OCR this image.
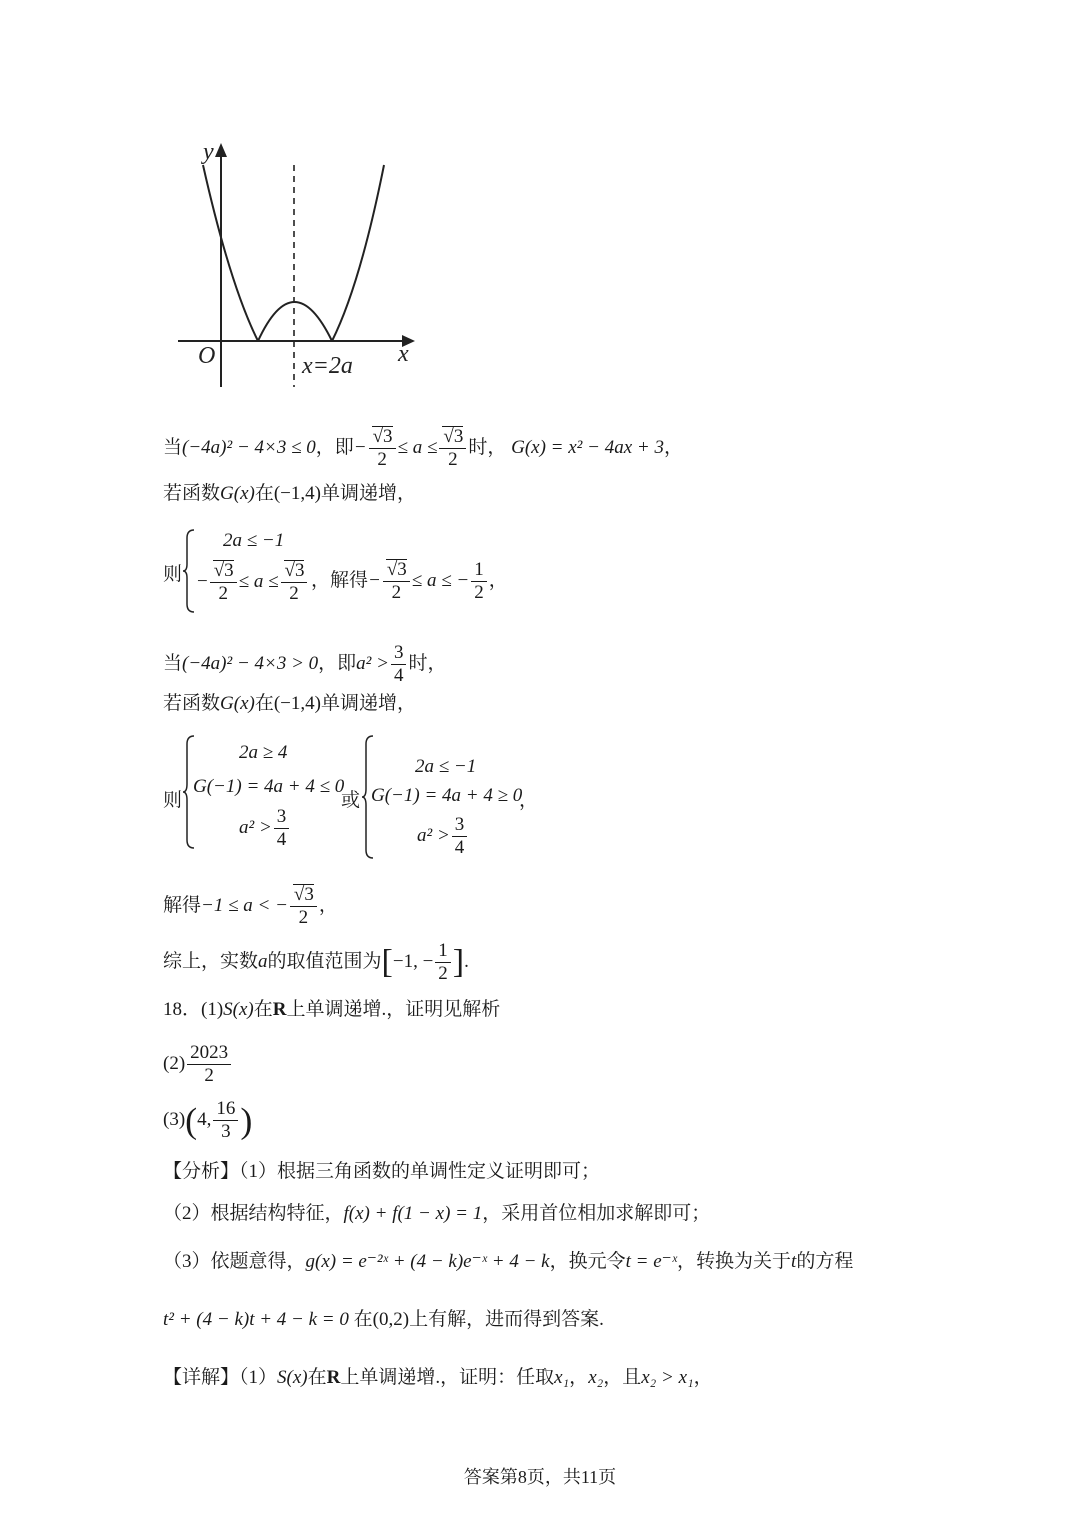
y
x
O	x=2a
当(−4a)² − 4×3 ≤ 0，即− $\frac{√3}{2} \le a \le \frac{√3}{2}$ 时， G(x) = x² − 4ax + 3，
若函数G(x)在(−1,4)单调递增，
则
2a ≤ −1
− $\frac{√3}{2} \le a \le \frac{√3}{2}$ ，解得− $\frac{√3}{2} \le a$ ≤ − $\frac{1}{2}$ ，
当(−4a)² − 4×3 > 0，即$a^2 > \frac{3}{4}$ 时，
若函数G(x)在(−1,4)单调递增，
则
2a ≥ 4
G(−1) = 4a + 4 ≤ 0
$a^2 > \frac{3}{4}$
或
2a ≤ −1
G(−1) = 4a + 4 ≥ 0
$a^2 > \frac{3}{4}$
，
解得−1 ≤ a < − $\frac{√3}{2}$ ，
综上，实数a的取值范围为[−1, − $\frac{1}{2}$ ].
18．(1)S(x)在R上单调递增.，证明见解析
$(2) \frac{2023}{2}$
(3)(4, $\frac{16}{3}$ )
【分析】（1）根据三角函数的单调性定义证明即可；
（2）根据结构特征，f(x) + f(1 − x) = 1，采用首位相加求解即可；
（3）依题意得，g(x) = e⁻²ˣ + (4 − k)e⁻ˣ + 4 − k，换元令t = e⁻ˣ，转换为关于t的方程
t² + (4 − k)t + 4 − k = 0 在(0,2)上有解，进而得到答案.
【详解】（1）S(x)在R上单调递增.，证明：任取x₁，x₂，且x₂ > x₁，
答案第8页，共11页
